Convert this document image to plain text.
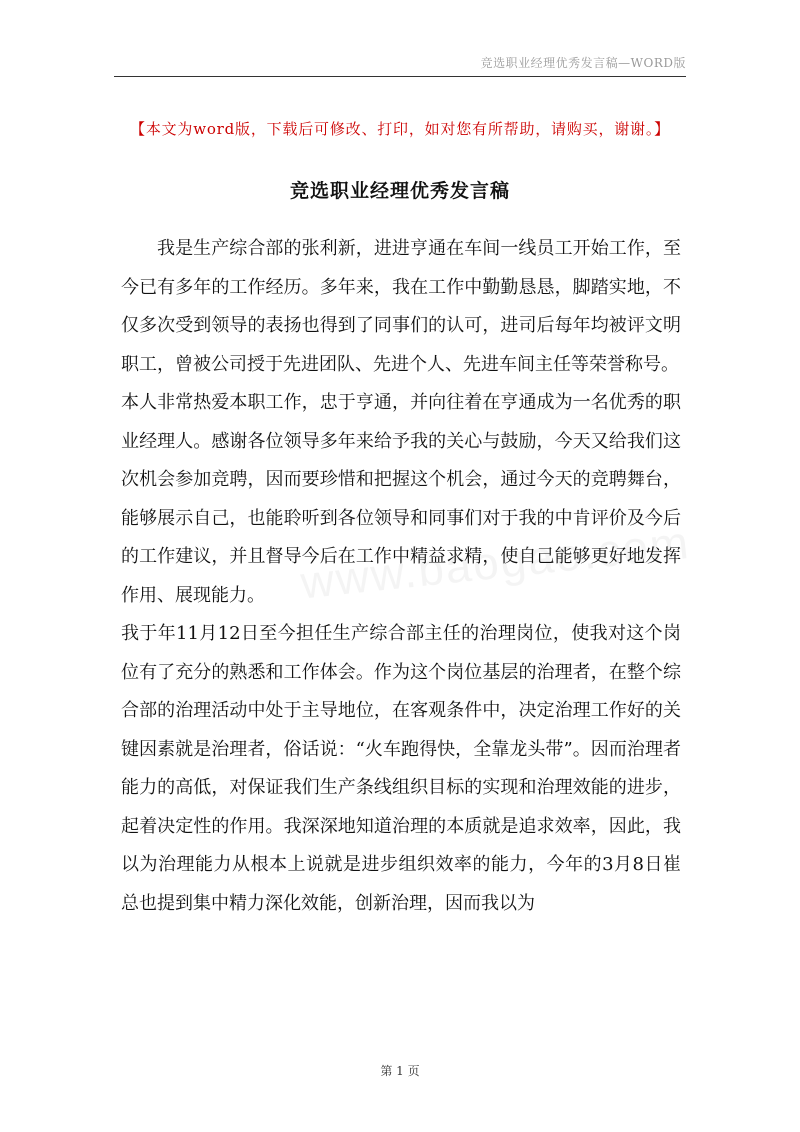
竞选职业经理优秀发言稿—WORD版
【本文为word版，下载后可修改、打印，如对您有所帮助，请购买，谢谢。】
竞选职业经理优秀发言稿

我是生产综合部的张利新，进进亨通在车间一线员工开始工作，至今已有多年的工作经历。多年来，我在工作中勤勤恳恳，脚踏实地，不仅多次受到领导的表扬也得到了同事们的认可，进司后每年均被评文明职工，曾被公司授于先进团队、先进个人、先进车间主任等荣誉称号。

本人非常热爱本职工作，忠于亨通，并向往着在亨通成为一名优秀的职业经理人。感谢各位领导多年来给予我的关心与鼓励，今天又给我们这次机会参加竞聘，因而要珍惜和把握这个机会，通过今天的竞聘舞台，能够展示自己，也能聆听到各位领导和同事们对于我的中肯评价及今后的工作建议，并且督导今后在工作中精益求精，使自己能够更好地发挥作用、展现能力。

我于年11月12日至今担任生产综合部主任的治理岗位，使我对这个岗位有了充分的熟悉和工作体会。作为这个岗位基层的治理者，在整个综合部的治理活动中处于主导地位，在客观条件中，决定治理工作好的关键因素就是治理者，俗话说：“火车跑得快，全靠龙头带”。因而治理者能力的高低，对保证我们生产条线组织目标的实现和治理效能的进步，起着决定性的作用。我深深地知道治理的本质就是追求效率，因此，我以为治理能力从根本上说就是进步组织效率的能力，今年的3月8日崔总也提到集中精力深化效能，创新治理，因而我以为

第 1 页
